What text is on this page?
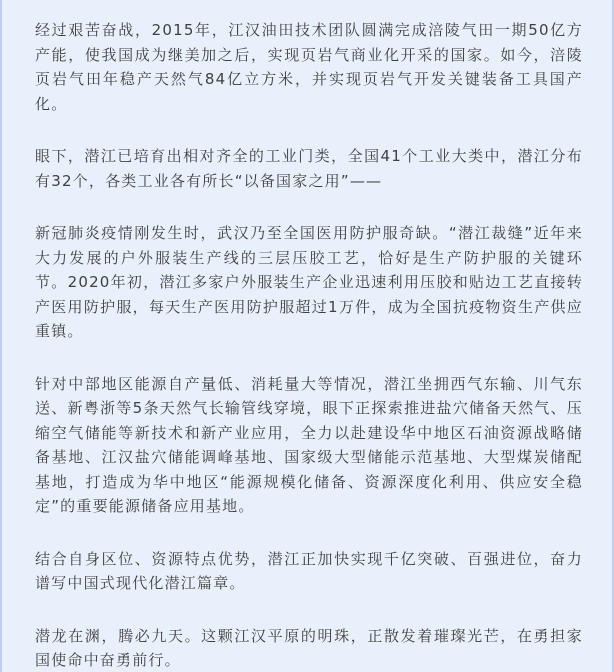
经过艰苦奋战，2015年，江汉油田技术团队圆满完成涪陵气田一期50亿方产能，使我国成为继美加之后，实现页岩气商业化开采的国家。如今，涪陵页岩气田年稳产天然气84亿立方米，并实现页岩气开发关键装备工具国产化。

眼下，潜江已培育出相对齐全的工业门类，全国41个工业大类中，潜江分布有32个，各类工业各有所长“以备国家之用”——

新冠肺炎疫情刚发生时，武汉乃至全国医用防护服奇缺。“潜江裁缝”近年来大力发展的户外服装生产线的三层压胶工艺，恰好是生产防护服的关键环节。2020年初，潜江多家户外服装生产企业迅速利用压胶和贴边工艺直接转产医用防护服，每天生产医用防护服超过1万件，成为全国抗疫物资生产供应重镇。

针对中部地区能源自产量低、消耗量大等情况，潜江坐拥西气东输、川气东送、新粤浙等5条天然气长输管线穿境，眼下正探索推进盐穴储备天然气、压缩空气储能等新技术和新产业应用，全力以赴建设华中地区石油资源战略储备基地、江汉盐穴储能调峰基地、国家级大型储能示范基地、大型煤炭储配基地，打造成为华中地区“能源规模化储备、资源深度化利用、供应安全稳定”的重要能源储备应用基地。

结合自身区位、资源特点优势，潜江正加快实现千亿突破、百强进位，奋力谱写中国式现代化潜江篇章。

潜龙在渊，腾必九天。这颗江汉平原的明珠，正散发着璀璨光芒，在勇担家国使命中奋勇前行。
